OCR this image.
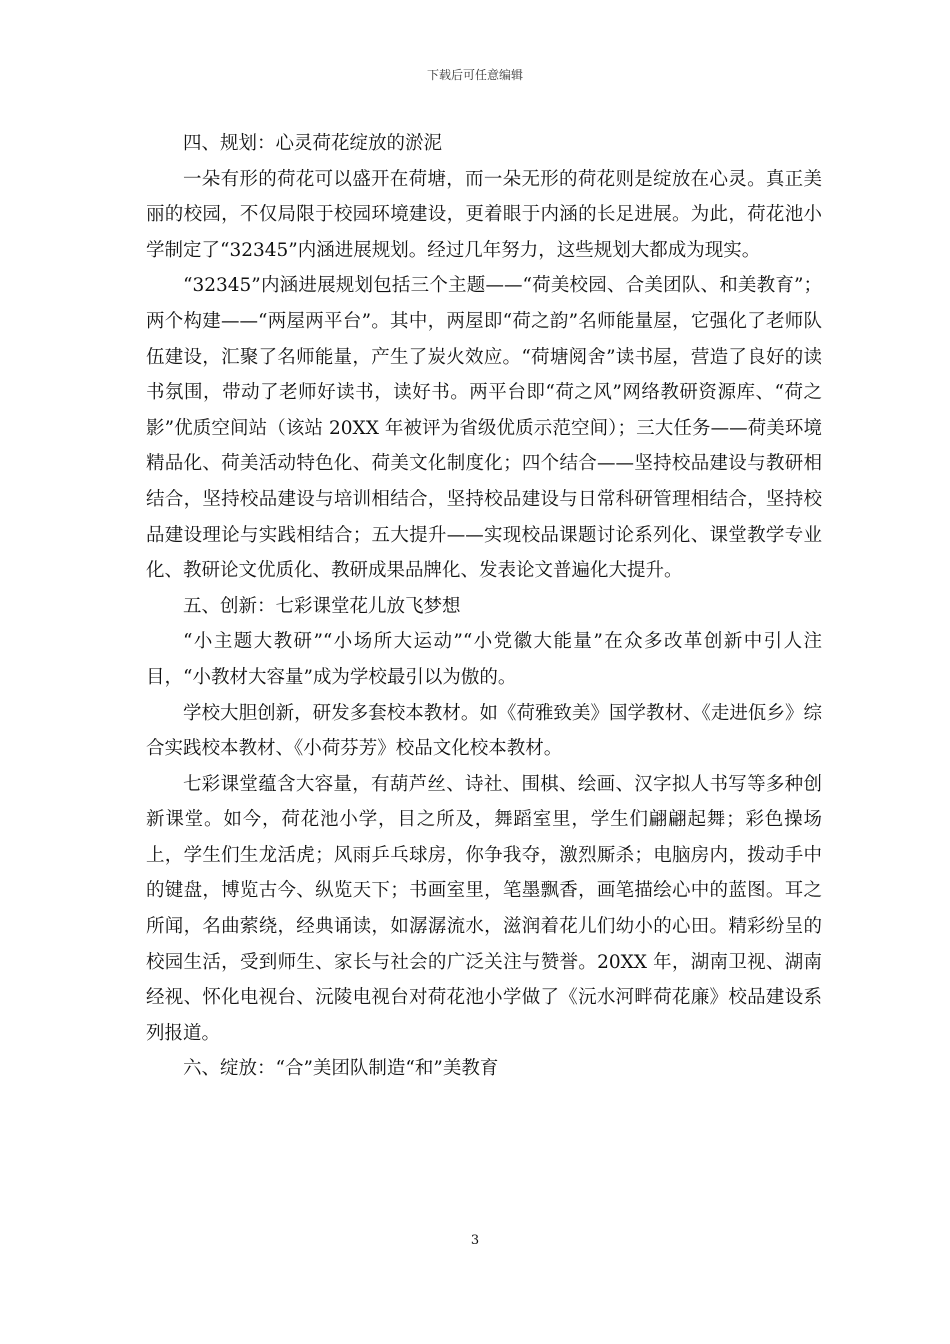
下载后可任意编辑

四、规划：心灵荷花绽放的淤泥

一朵有形的荷花可以盛开在荷塘，而一朵无形的荷花则是绽放在心灵。真正美丽的校园，不仅局限于校园环境建设，更着眼于内涵的长足进展。为此，荷花池小学制定了“32345”内涵进展规划。经过几年努力，这些规划大都成为现实。

“32345”内涵进展规划包括三个主题——“荷美校园、合美团队、和美教育”；两个构建——“两屋两平台”。其中，两屋即“荷之韵”名师能量屋，它强化了老师队伍建设，汇聚了名师能量，产生了炭火效应。“荷塘阅舍”读书屋，营造了良好的读书氛围，带动了老师好读书，读好书。两平台即“荷之风”网络教研资源库、“荷之影”优质空间站（该站 20XX 年被评为省级优质示范空间）；三大任务——荷美环境精品化、荷美活动特色化、荷美文化制度化；四个结合——坚持校品建设与教研相结合，坚持校品建设与培训相结合，坚持校品建设与日常科研管理相结合，坚持校品建设理论与实践相结合；五大提升——实现校品课题讨论系列化、课堂教学专业化、教研论文优质化、教研成果品牌化、发表论文普遍化大提升。

五、创新：七彩课堂花儿放飞梦想

“小主题大教研”“小场所大运动”“小党徽大能量”在众多改革创新中引人注目，“小教材大容量”成为学校最引以为傲的。

学校大胆创新，研发多套校本教材。如《荷雅致美》国学教材、《走进佤乡》综合实践校本教材、《小荷芬芳》校品文化校本教材。

七彩课堂蕴含大容量，有葫芦丝、诗社、围棋、绘画、汉字拟人书写等多种创新课堂。如今，荷花池小学，目之所及，舞蹈室里，学生们翩翩起舞；彩色操场上，学生们生龙活虎；风雨乒乓球房，你争我夺，激烈厮杀；电脑房内，拨动手中的键盘，博览古今、纵览天下；书画室里，笔墨飘香，画笔描绘心中的蓝图。耳之所闻，名曲萦绕，经典诵读，如潺潺流水，滋润着花儿们幼小的心田。精彩纷呈的校园生活，受到师生、家长与社会的广泛关注与赞誉。20XX 年，湖南卫视、湖南经视、怀化电视台、沅陵电视台对荷花池小学做了《沅水河畔荷花廉》校品建设系列报道。

六、绽放：“合”美团队制造“和”美教育

3
